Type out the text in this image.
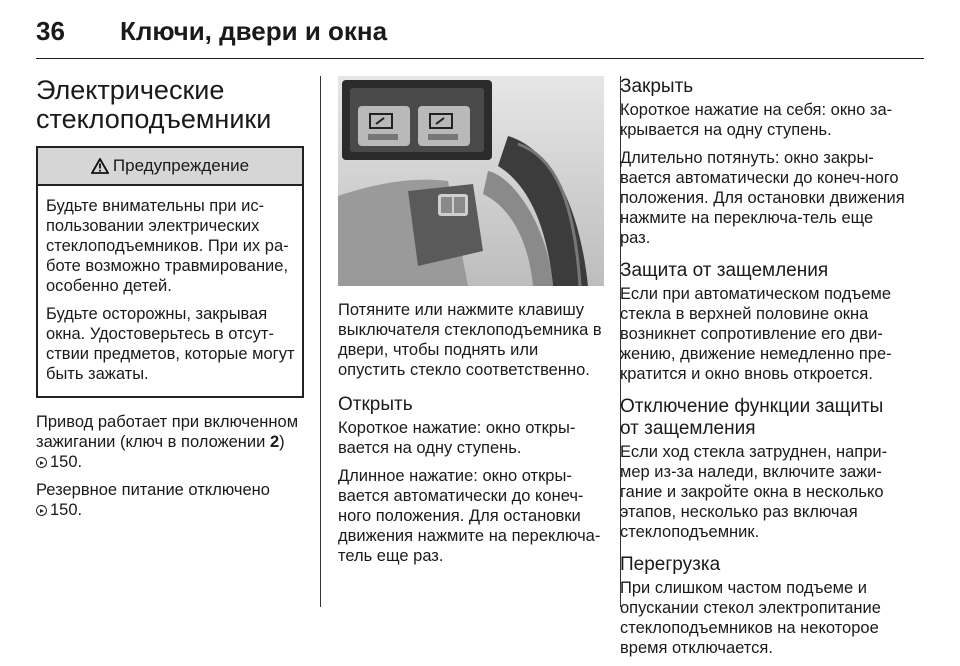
36 Ключи, двери и окна
Электрические
стеклоподъемники
Предупреждение

Будьте внимательны при ис-пользовании электрических стеклоподъемников. При их ра-боте возможно травмирование, особенно детей.

Будьте осторожны, закрывая окна. Удостоверьтесь в отсут-ствии предметов, которые могут быть зажаты.

Привод работает при включенном зажигании (ключ в положении 2)
150.

Резервное питание отключено
150.

Потяните или нажмите клавишу выключателя стеклоподъемника в двери, чтобы поднять или опустить стекло соответственно.

Открыть

Короткое нажатие: окно откры-вается на одну ступень.

Длинное нажатие: окно откры-вается автоматически до конеч-ного положения. Для остановки движения нажмите на переключа-тель еще раз.

Закрыть

Короткое нажатие на себя: окно за-крывается на одну ступень.

Длительно потянуть: окно закры-вается автоматически до конеч-ного положения. Для остановки движения нажмите на переключа-тель еще раз.

Защита от защемления

Если при автоматическом подъеме стекла в верхней половине окна возникнет сопротивление его дви-жению, движение немедленно пре-кратится и окно вновь откроется.

Отключение функции защиты
от защемления

Если ход стекла затруднен, напри-мер из-за наледи, включите зажи-гание и закройте окна в несколько этапов, несколько раз включая стеклоподъемник.

Перегрузка

При слишком частом подъеме и опускании стекол электропитание стеклоподъемников на некоторое время отключается.
